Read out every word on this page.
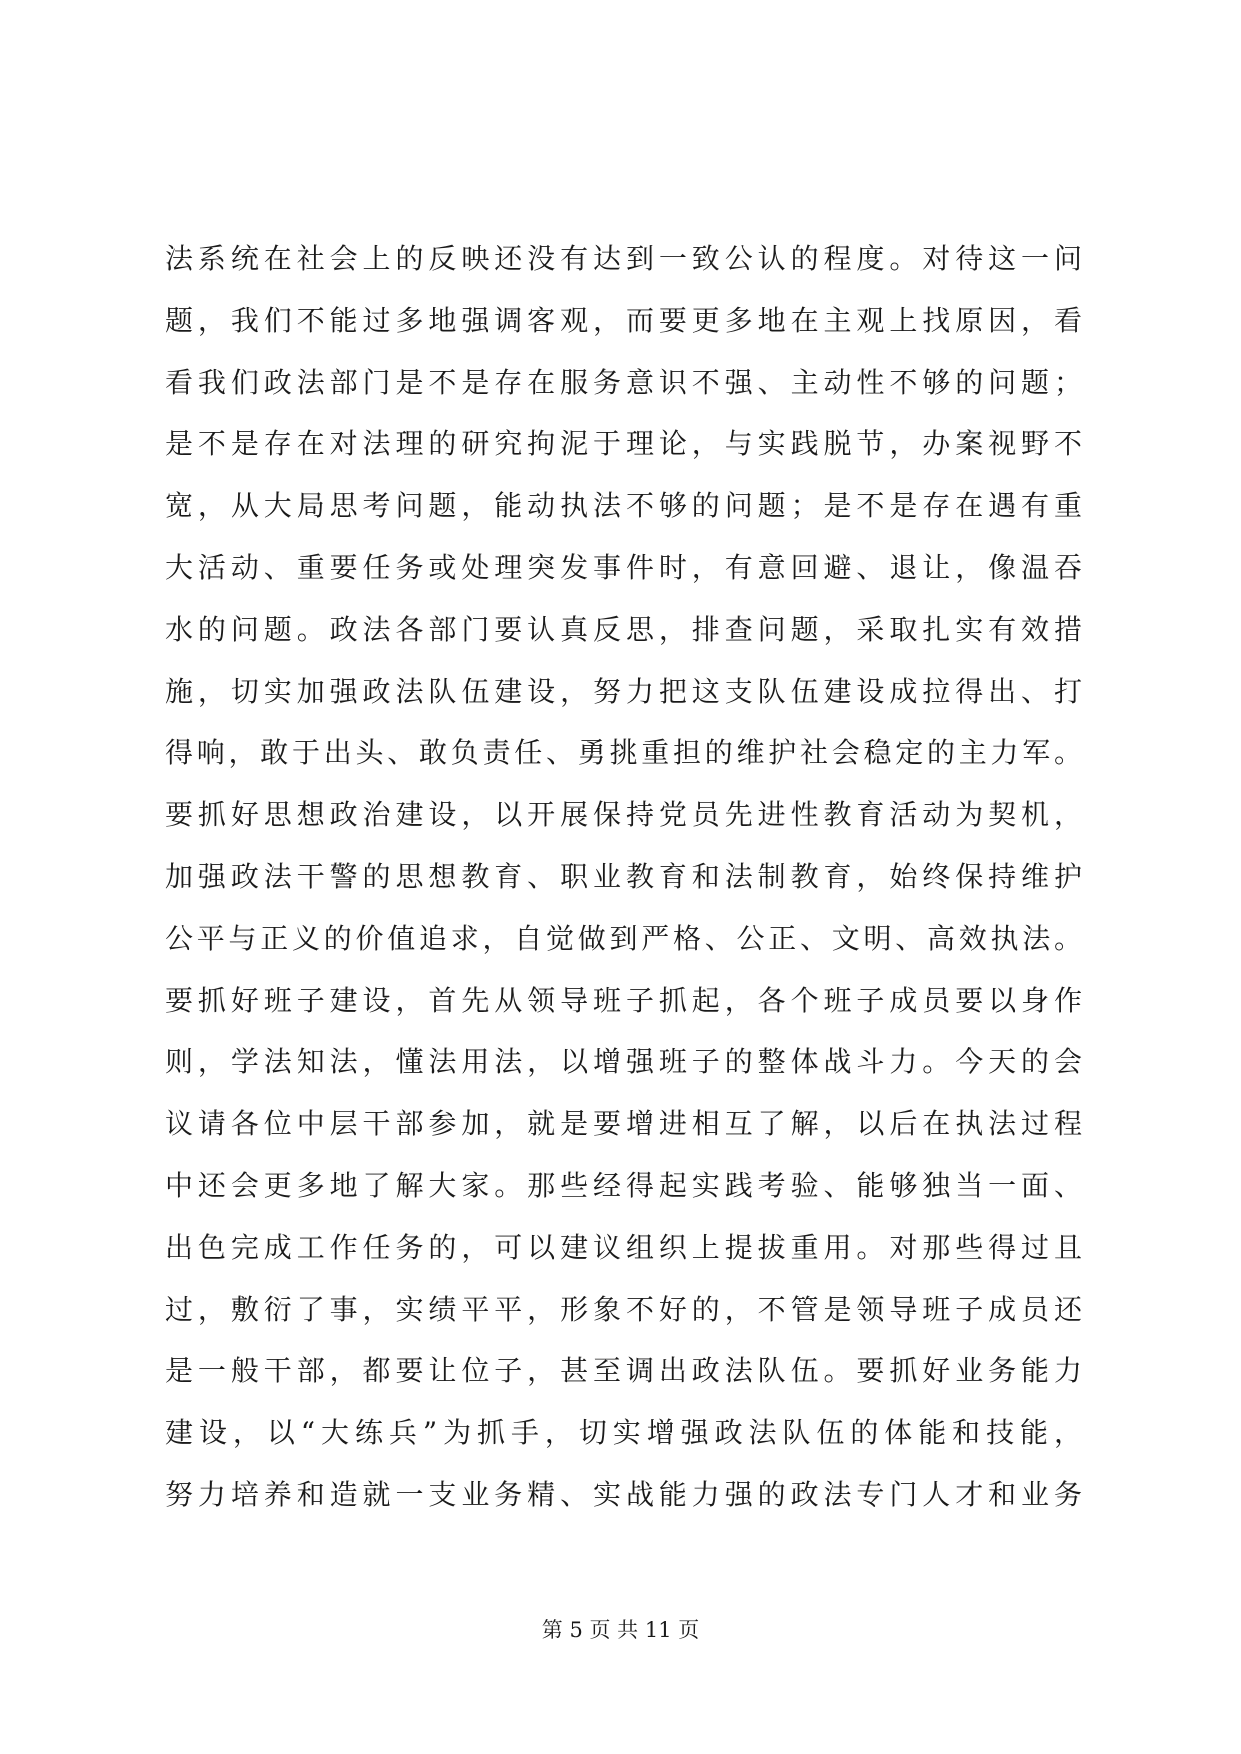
法系统在社会上的反映还没有达到一致公认的程度。对待这一问
题，我们不能过多地强调客观，而要更多地在主观上找原因，看
看我们政法部门是不是存在服务意识不强、主动性不够的问题；
是不是存在对法理的研究拘泥于理论，与实践脱节，办案视野不
宽，从大局思考问题，能动执法不够的问题；是不是存在遇有重
大活动、重要任务或处理突发事件时，有意回避、退让，像温吞
水的问题。政法各部门要认真反思，排查问题，采取扎实有效措
施，切实加强政法队伍建设，努力把这支队伍建设成拉得出、打
得响，敢于出头、敢负责任、勇挑重担的维护社会稳定的主力军。
要抓好思想政治建设，以开展保持党员先进性教育活动为契机，
加强政法干警的思想教育、职业教育和法制教育，始终保持维护
公平与正义的价值追求，自觉做到严格、公正、文明、高效执法。
要抓好班子建设，首先从领导班子抓起，各个班子成员要以身作
则，学法知法，懂法用法，以增强班子的整体战斗力。今天的会
议请各位中层干部参加，就是要增进相互了解，以后在执法过程
中还会更多地了解大家。那些经得起实践考验、能够独当一面、
出色完成工作任务的，可以建议组织上提拔重用。对那些得过且
过，敷衍了事，实绩平平，形象不好的，不管是领导班子成员还
是一般干部，都要让位子，甚至调出政法队伍。要抓好业务能力
建设，以“大练兵”为抓手，切实增强政法队伍的体能和技能，
努力培养和造就一支业务精、实战能力强的政法专门人才和业务
第 5 页 共 11 页
